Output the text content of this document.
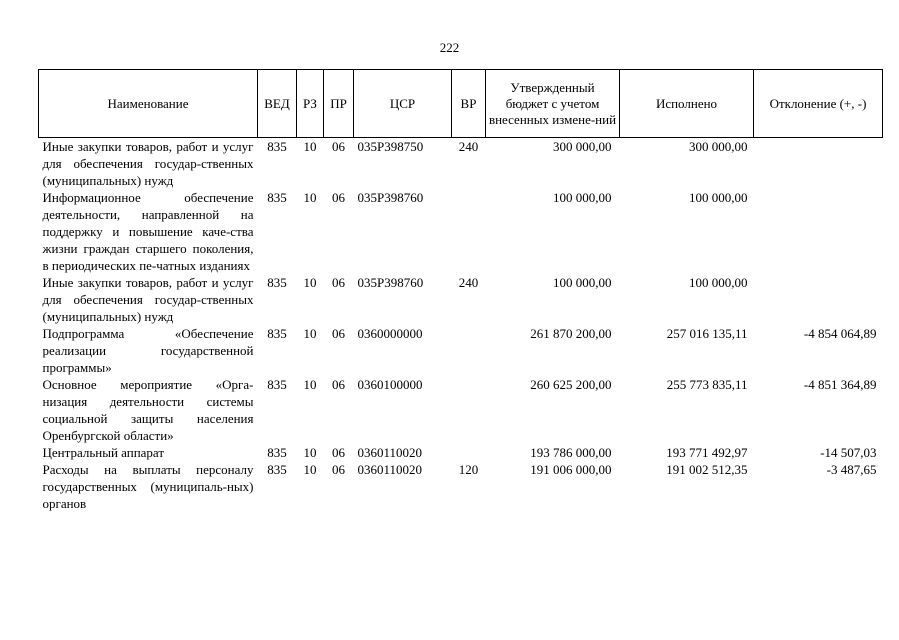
222
Наименование	ВЕД	РЗ	ПР	ЦСР	ВР	Утвержденный бюджет с учетом внесенных измене-ний	Исполнено	Отклонение (+, -)
Иные закупки товаров, работ и услуг для обеспечения государ-ственных (муниципальных) нужд	835	10	06	035P398750	240	300 000,00	300 000,00	
Информационное обеспечение деятельности, направленной на поддержку и повышение каче-ства жизни граждан старшего поколения, в периодических пе-чатных изданиях	835	10	06	035P398760		100 000,00	100 000,00	
Иные закупки товаров, работ и услуг для обеспечения государ-ственных (муниципальных) нужд	835	10	06	035P398760	240	100 000,00	100 000,00	
Подпрограмма «Обеспечение реализации государственной программы»	835	10	06	0360000000		261 870 200,00	257 016 135,11	-4 854 064,89
Основное мероприятие «Орга-низация деятельности системы социальной защиты населения Оренбургской области»	835	10	06	0360100000		260 625 200,00	255 773 835,11	-4 851 364,89
Центральный аппарат	835	10	06	0360110020		193 786 000,00	193 771 492,97	-14 507,03
Расходы на выплаты персоналу государственных (муниципаль-ных) органов	835	10	06	0360110020	120	191 006 000,00	191 002 512,35	-3 487,65
